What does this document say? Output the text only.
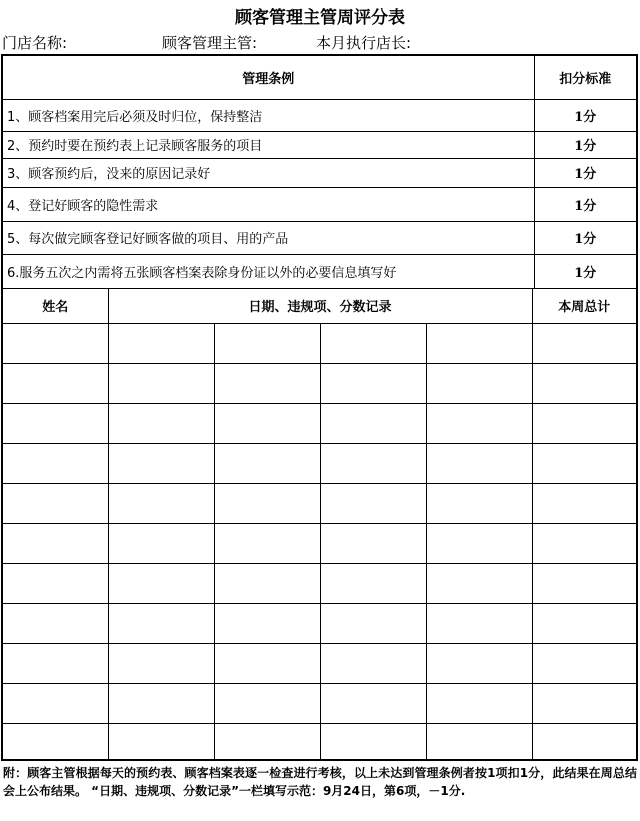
顾客管理主管周评分表
门店名称:	顾客管理主管:	本月执行店长:
管理条例	扣分标准
1、顾客档案用完后必须及时归位，保持整洁	1分
2、预约时要在预约表上记录顾客服务的项目	1分
3、顾客预约后，没来的原因记录好	1分
4、登记好顾客的隐性需求	1分
5、每次做完顾客登记好顾客做的项目、用的产品	1分
6.服务五次之内需将五张顾客档案表除身份证以外的必要信息填写好	1分
姓名	日期、违规项、分数记录				本周总计

附：顾客主管根据每天的预约表、顾客档案表逐一检查进行考核，以上未达到管理条例者按1项扣1分，此结果在周总结会上公布结果。 “日期、违规项、分数记录”一栏填写示范：9月24日，第6项，－1分.
